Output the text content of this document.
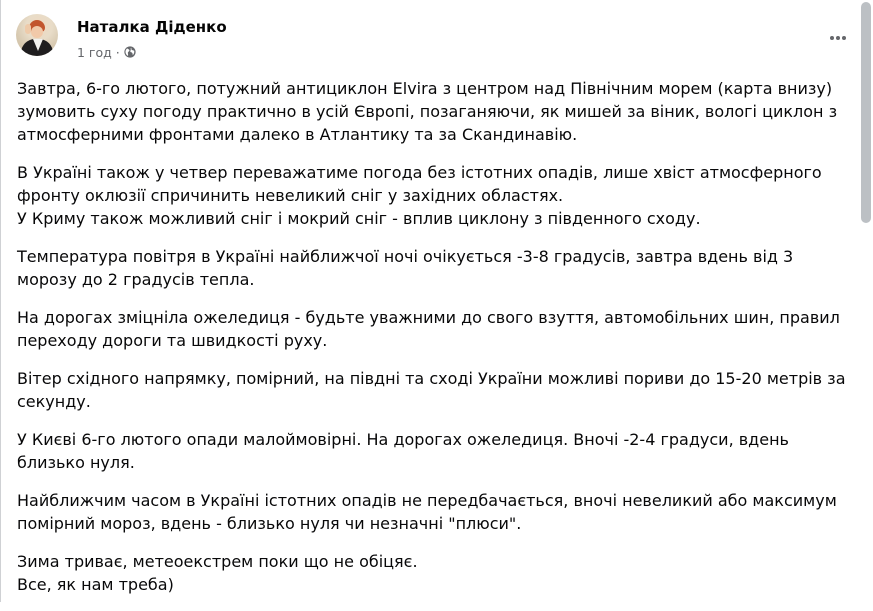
Наталка Діденко
1 год ·

Завтра, 6-го лютого, потужний антициклон Elvira з центром над Північним морем (карта внизу)
зумовить суху погоду практично в усій Європі, позаганяючи, як мишей за віник, вологі циклон з
атмосферними фронтами далеко в Атлантику та за Скандинавію.

В Україні також у четвер переважатиме погода без істотних опадів, лише хвіст атмосферного
фронту оклюзії спричинить невеликий сніг у західних областях.
У Криму також можливий сніг і мокрий сніг - вплив циклону з південного сходу.

Температура повітря в Україні найближчої ночі очікується -3-8 градусів, завтра вдень від 3
морозу до 2 градусів тепла.

На дорогах зміцніла ожеледиця - будьте уважними до свого взуття, автомобільних шин, правил
переходу дороги та швидкості руху.

Вітер східного напрямку, помірний, на півдні та сході України можливі пориви до 15-20 метрів за
секунду.

У Києві 6-го лютого опади малоймовірні. На дорогах ожеледиця. Вночі -2-4 градуси, вдень
близько нуля.

Найближчим часом в Україні істотних опадів не передбачається, вночі невеликий або максимум
помірний мороз, вдень - близько нуля чи незначні "плюси".

Зима триває, метеоекстрем поки що не обіцяє.
Все, як нам треба)
